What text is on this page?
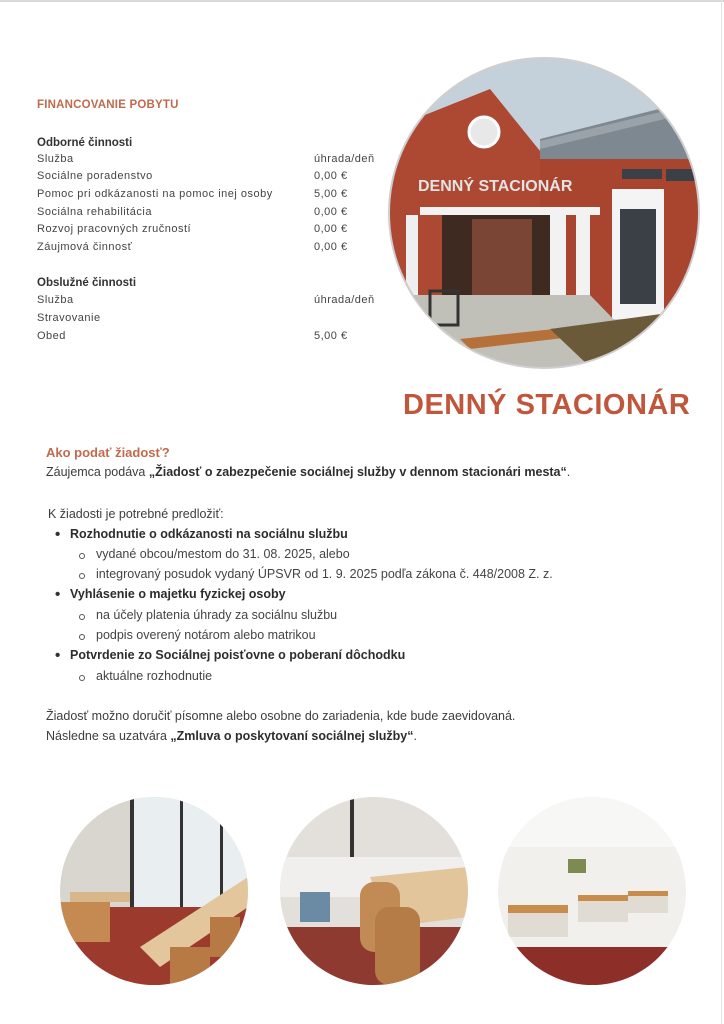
FINANCOVANIE POBYTU
Odborné činnosti
Služba	úhrada/deň
Sociálne poradenstvo	0,00 €
Pomoc pri odkázanosti na pomoc inej osoby	5,00 €
Sociálna rehabilitácia	0,00 €
Rozvoj pracovných zručností	0,00 €
Záujmová činnosť	0,00 €
Obslužné činnosti
Služba	úhrada/deň
Stravovanie
Obed	5,00 €
DENNÝ STACIONÁR
DENNÝ STACIONÁR
Ako podať žiadosť?
Záujemca podáva „Žiadosť o zabezpečenie sociálnej služby v dennom stacionári mesta“.
K žiadosti je potrebné predložiť:
• Rozhodnutie o odkázanosti na sociálnu službu
vydané obcou/mestom do 31. 08. 2025, alebo
integrovaný posudok vydaný ÚPSVR od 1. 9. 2025 podľa zákona č. 448/2008 Z. z.
• Vyhlásenie o majetku fyzickej osoby
na účely platenia úhrady za sociálnu službu
podpis overený notárom alebo matrikou
• Potvrdenie zo Sociálnej poisťovne o poberaní dôchodku
aktuálne rozhodnutie
Žiadosť možno doručiť písomne alebo osobne do zariadenia, kde bude zaevidovaná.
Následne sa uzatvára „Zmluva o poskytovaní sociálnej služby“.
